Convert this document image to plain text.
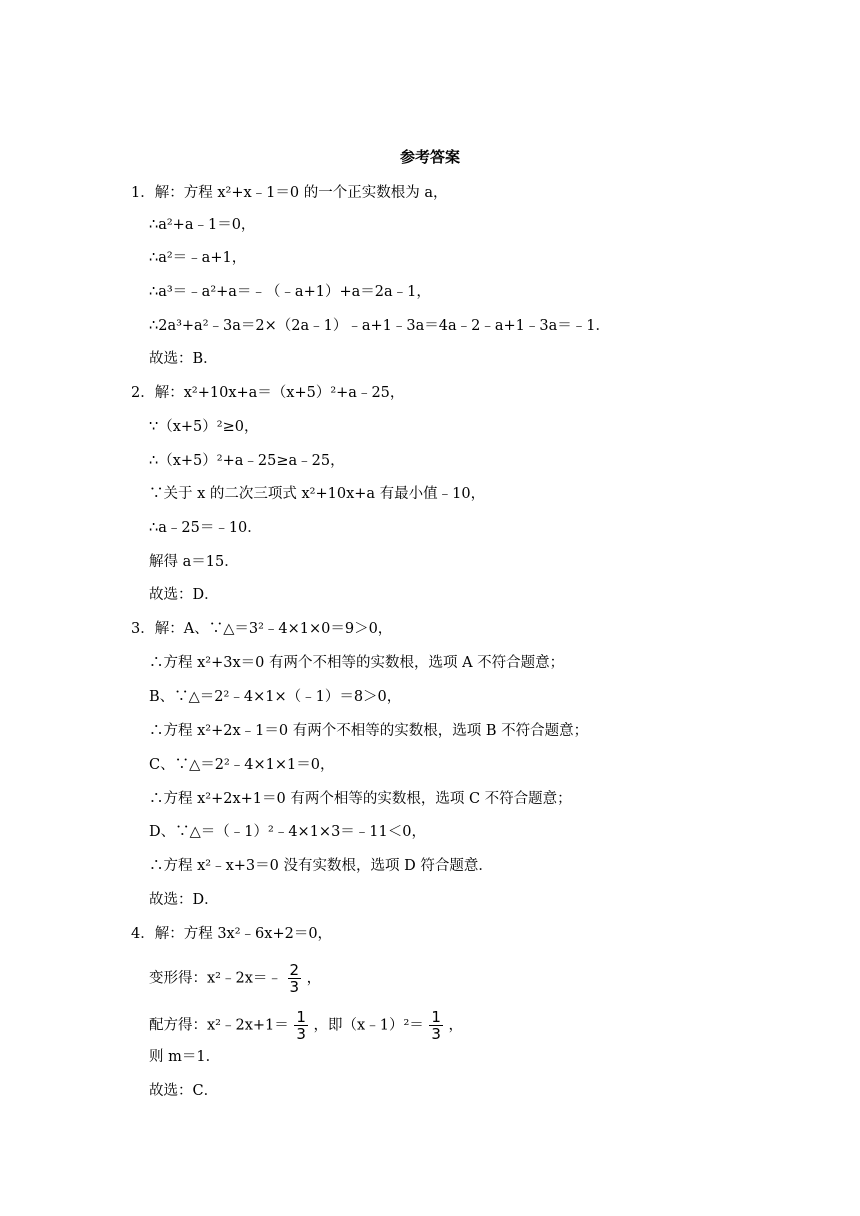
参考答案
1．解：方程 x²+x﹣1＝0 的一个正实数根为 a，
∴a²+a﹣1＝0，
∴a²＝﹣a+1，
∴a³＝﹣a²+a＝﹣（﹣a+1）+a＝2a﹣1，
∴2a³+a²﹣3a＝2×（2a﹣1）﹣a+1﹣3a＝4a﹣2﹣a+1﹣3a＝﹣1．
故选：B．
2．解：x²+10x+a＝（x+5）²+a﹣25，
∵（x+5）²≥0，
∴（x+5）²+a﹣25≥a﹣25，
∵关于 x 的二次三项式 x²+10x+a 有最小值﹣10，
∴a﹣25＝﹣10．
解得 a＝15．
故选：D．
3．解：A、∵△＝3²﹣4×1×0＝9＞0，
∴方程 x²+3x＝0 有两个不相等的实数根，选项 A 不符合题意；
B、∵△＝2²﹣4×1×（﹣1）＝8＞0，
∴方程 x²+2x﹣1＝0 有两个不相等的实数根，选项 B 不符合题意；
C、∵△＝2²﹣4×1×1＝0，
∴方程 x²+2x+1＝0 有两个相等的实数根，选项 C 不符合题意；
D、∵△＝（﹣1）²﹣4×1×3＝﹣11＜0，
∴方程 x²﹣x+3＝0 没有实数根，选项 D 符合题意．
故选：D．
4．解：方程 3x²﹣6x+2＝0，
变形得：x²﹣2x＝﹣ $\frac{2}{3}$ ，
配方得：x²﹣2x+1＝ $\frac{1}{3}$ ，即（x﹣1）²＝ $\frac{1}{3}$ ，
则 m＝1．
故选：C．
